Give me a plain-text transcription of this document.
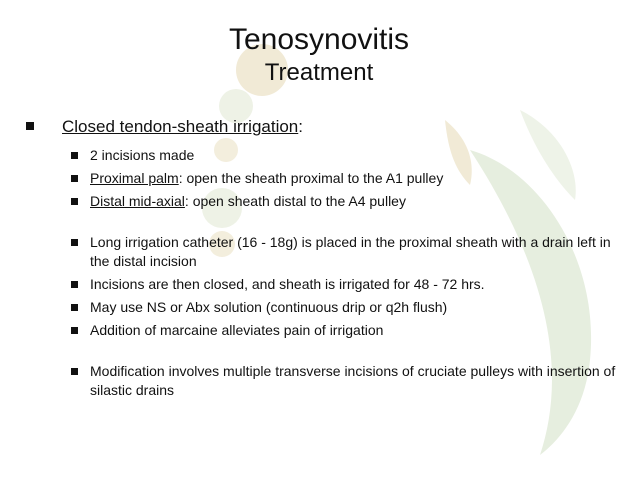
Tenosynovitis
Treatment
Closed tendon-sheath irrigation:
2 incisions made
Proximal palm: open the sheath proximal to the A1 pulley
Distal mid-axial: open sheath distal to the A4 pulley
Long irrigation catheter (16 - 18g) is placed in the proximal sheath with a drain left in the distal incision
Incisions are then closed, and sheath is irrigated for 48 - 72 hrs.
May use NS or Abx solution (continuous drip or q2h flush)
Addition of marcaine alleviates pain of irrigation
Modification involves multiple transverse incisions of cruciate pulleys with insertion of silastic drains
